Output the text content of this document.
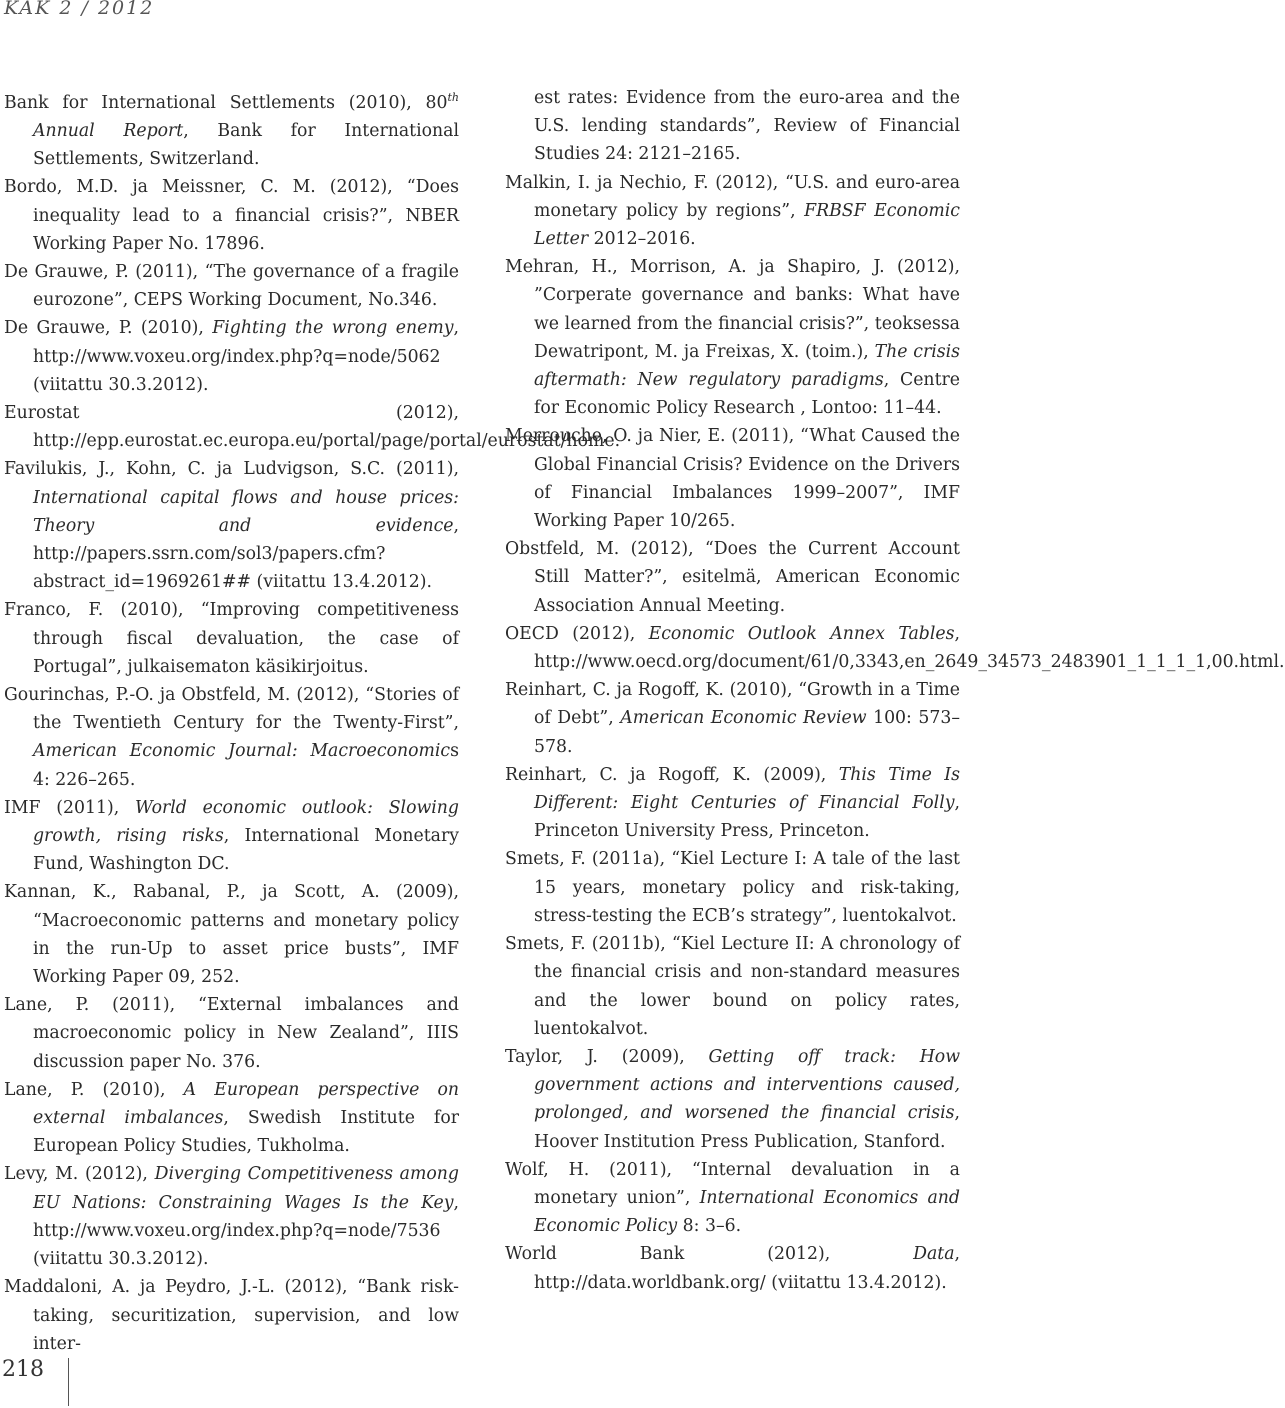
KAK 2 / 2012

Bank for International Settlements (2010), 80th Annual Report, Bank for International Settlements, Switzerland.

Bordo, M.D. ja Meissner, C. M. (2012), “Does inequality lead to a financial crisis?”, NBER Working Paper No. 17896.

De Grauwe, P. (2011), “The governance of a fragile eurozone”, CEPS Working Document, No.346.

De Grauwe, P. (2010), Fighting the wrong enemy, http://www.voxeu.org/index.php?q=node/5062 (viitattu 30.3.2012).

Eurostat (2012), http://epp.eurostat.ec.europa.eu/portal/page/portal/eurostat/home.

Favilukis, J., Kohn, C. ja Ludvigson, S.C. (2011), International capital flows and house prices: Theory and evidence, http://papers.ssrn.com/sol3/papers.cfm?abstract_id=1969261## (viitattu 13.4.2012).

Franco, F. (2010), “Improving competitiveness through fiscal devaluation, the case of Portugal”, julkaisematon käsikirjoitus.

Gourinchas, P.-O. ja Obstfeld, M. (2012), “Stories of the Twentieth Century for the Twenty-First”, American Economic Journal: Macroeconomics 4: 226–265.

IMF (2011), World economic outlook: Slowing growth, rising risks, International Monetary Fund, Washington DC.

Kannan, K., Rabanal, P., ja Scott, A. (2009), “Macroeconomic patterns and monetary policy in the run-Up to asset price busts”, IMF Working Paper 09, 252.

Lane, P. (2011), “External imbalances and macroeconomic policy in New Zealand”, IIIS discussion paper No. 376.

Lane, P. (2010), A European perspective on external imbalances, Swedish Institute for European Policy Studies, Tukholma.

Levy, M. (2012), Diverging Competitiveness among EU Nations: Constraining Wages Is the Key, http://www.voxeu.org/index.php?q=node/7536 (viitattu 30.3.2012).

Maddaloni, A. ja Peydro, J.-L. (2012), “Bank risk-taking, securitization, supervision, and low inter-

est rates: Evidence from the euro-area and the U.S. lending standards”, Review of Financial Studies 24: 2121–2165.

Malkin, I. ja Nechio, F. (2012), “U.S. and euro-area monetary policy by regions”, FRBSF Economic Letter 2012–2016.

Mehran, H., Morrison, A. ja Shapiro, J. (2012), ”Corperate governance and banks: What have we learned from the financial crisis?”, teoksessa Dewatripont, M. ja Freixas, X. (toim.), The crisis aftermath: New regulatory paradigms, Centre for Economic Policy Research , Lontoo: 11–44.

Merrouche, O. ja Nier, E. (2011), “What Caused the Global Financial Crisis? Evidence on the Drivers of Financial Imbalances 1999–2007”, IMF Working Paper 10/265.

Obstfeld, M. (2012), “Does the Current Account Still Matter?”, esitelmä, American Economic Association Annual Meeting.

OECD (2012), Economic Outlook Annex Tables, http://www.oecd.org/document/61/0,3343,en_2649_34573_2483901_1_1_1_1,00.html.

Reinhart, C. ja Rogoff, K. (2010), “Growth in a Time of Debt”, American Economic Review 100: 573–578.

Reinhart, C. ja Rogoff, K. (2009), This Time Is Different: Eight Centuries of Financial Folly, Princeton University Press, Princeton.

Smets, F. (2011a), “Kiel Lecture I: A tale of the last 15 years, monetary policy and risk-taking, stress-testing the ECB’s strategy”, luentokalvot.

Smets, F. (2011b), “Kiel Lecture II: A chronology of the financial crisis and non-standard measures and the lower bound on policy rates, luentokalvot.

Taylor, J. (2009), Getting off track: How government actions and interventions caused, prolonged, and worsened the financial crisis, Hoover Institution Press Publication, Stanford.

Wolf, H. (2011), “Internal devaluation in a monetary union”, International Economics and Economic Policy 8: 3–6.

World Bank (2012), Data, http://data.worldbank.org/ (viitattu 13.4.2012).

218
